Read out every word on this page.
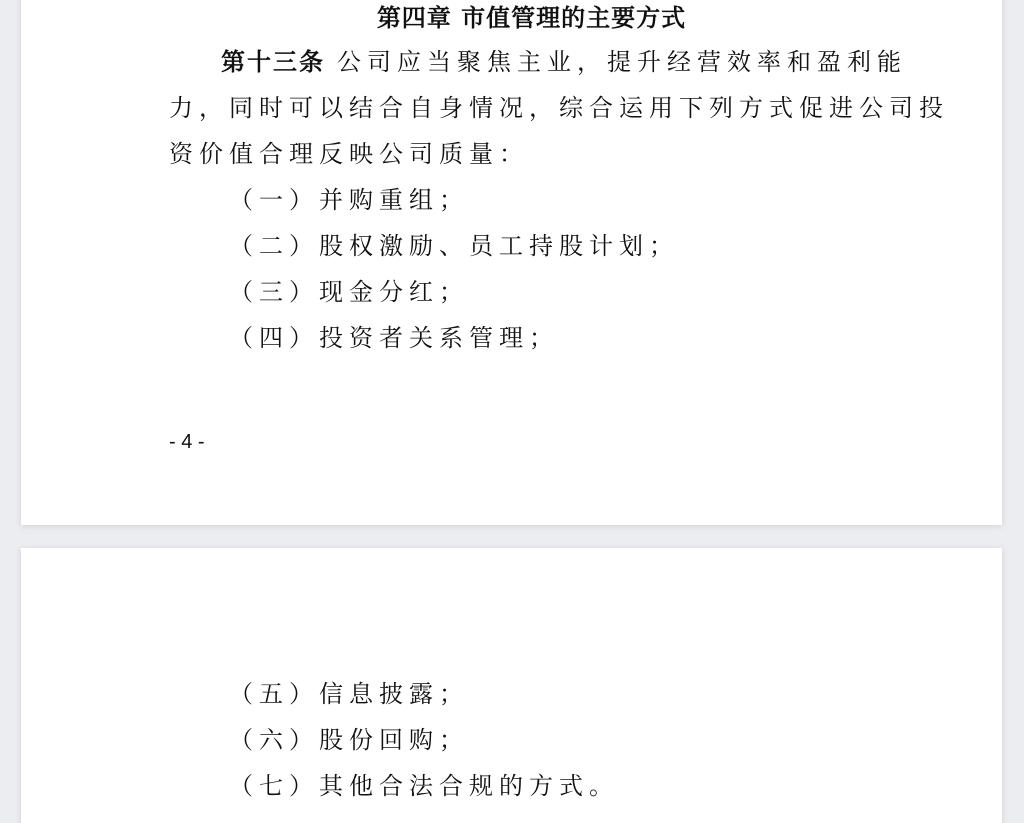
第四章 市值管理的主要方式
第十三条 公司应当聚焦主业，提升经营效率和盈利能
力，同时可以结合自身情况，综合运用下列方式促进公司投
资价值合理反映公司质量：
（一）并购重组；
（二）股权激励、员工持股计划；
（三）现金分红；
（四）投资者关系管理；
- 4 -
（五）信息披露；
（六）股份回购；
（七）其他合法合规的方式。
